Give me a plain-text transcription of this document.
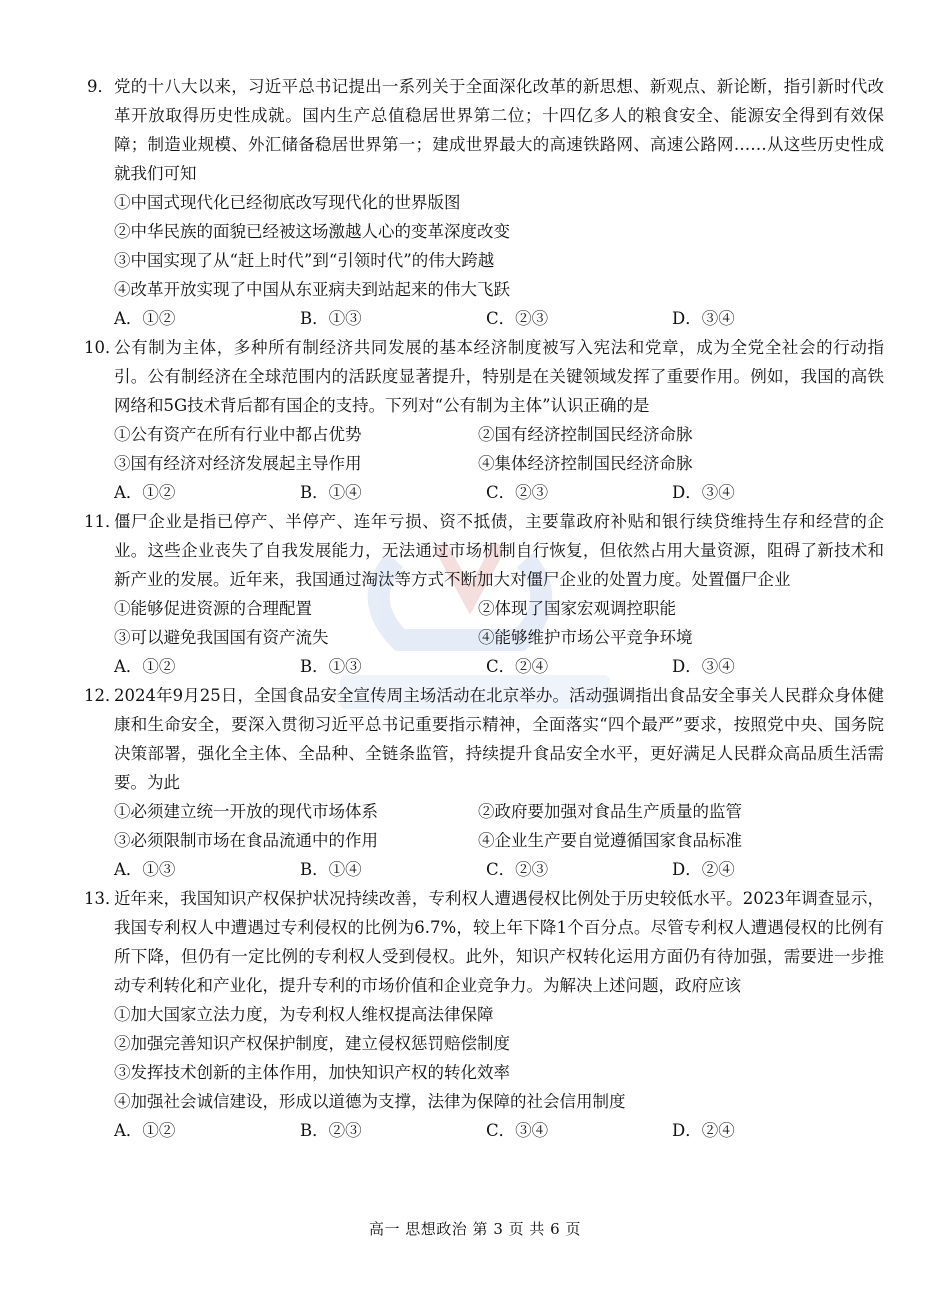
9． 党的十八大以来，习近平总书记提出一系列关于全面深化改革的新思想、新观点、新论断，指引新时代改革开放取得历史性成就。国内生产总值稳居世界第二位；十四亿多人的粮食安全、能源安全得到有效保障；制造业规模、外汇储备稳居世界第一；建成世界最大的高速铁路网、高速公路网……从这些历史性成就我们可知
①中国式现代化已经彻底改写现代化的世界版图
②中华民族的面貌已经被这场激越人心的变革深度改变
③中国实现了从“赶上时代”到“引领时代”的伟大跨越
④改革开放实现了中国从东亚病夫到站起来的伟大飞跃
A．①②	B．①③	C．②③	D．③④
10．
公有制为主体，多种所有制经济共同发展的基本经济制度被写入宪法和党章，成为全党全社会的行动指引。公有制经济在全球范围内的活跃度显著提升，特别是在关键领域发挥了重要作用。例如，我国的高铁网络和5G技术背后都有国企的支持。下列对“公有制为主体”认识正确的是
①公有资产在所有行业中都占优势	②国有经济控制国民经济命脉
③国有经济对经济发展起主导作用	④集体经济控制国民经济命脉
A．①②	B．①④	C．②③	D．③④
11．
僵尸企业是指已停产、半停产、连年亏损、资不抵债，主要靠政府补贴和银行续贷维持生存和经营的企业。这些企业丧失了自我发展能力，无法通过市场机制自行恢复，但依然占用大量资源，阻碍了新技术和新产业的发展。近年来，我国通过淘汰等方式不断加大对僵尸企业的处置力度。处置僵尸企业
①能够促进资源的合理配置	②体现了国家宏观调控职能
③可以避免我国国有资产流失	④能够维护市场公平竞争环境
A．①②	B．①③	C．②④	D．③④
12．
2024年9月25日，全国食品安全宣传周主场活动在北京举办。活动强调指出食品安全事关人民群众身体健康和生命安全，要深入贯彻习近平总书记重要指示精神，全面落实“四个最严”要求，按照党中央、国务院决策部署，强化全主体、全品种、全链条监管，持续提升食品安全水平，更好满足人民群众高品质生活需要。为此
①必须建立统一开放的现代市场体系	②政府要加强对食品生产质量的监管
③必须限制市场在食品流通中的作用	④企业生产要自觉遵循国家食品标准
A．①③	B．①④	C．②③	D．②④
13．
近年来，我国知识产权保护状况持续改善，专利权人遭遇侵权比例处于历史较低水平。2023年调查显示，我国专利权人中遭遇过专利侵权的比例为6.7%，较上年下降1个百分点。尽管专利权人遭遇侵权的比例有所下降，但仍有一定比例的专利权人受到侵权。此外，知识产权转化运用方面仍有待加强，需要进一步推动专利转化和产业化，提升专利的市场价值和企业竞争力。为解决上述问题，政府应该
①加大国家立法力度，为专利权人维权提高法律保障
②加强完善知识产权保护制度，建立侵权惩罚赔偿制度
③发挥技术创新的主体作用，加快知识产权的转化效率
④加强社会诚信建设，形成以道德为支撑，法律为保障的社会信用制度
A．①②	B．②③	C．③④	D．②④
高一 思想政治 第 3 页 共 6 页
